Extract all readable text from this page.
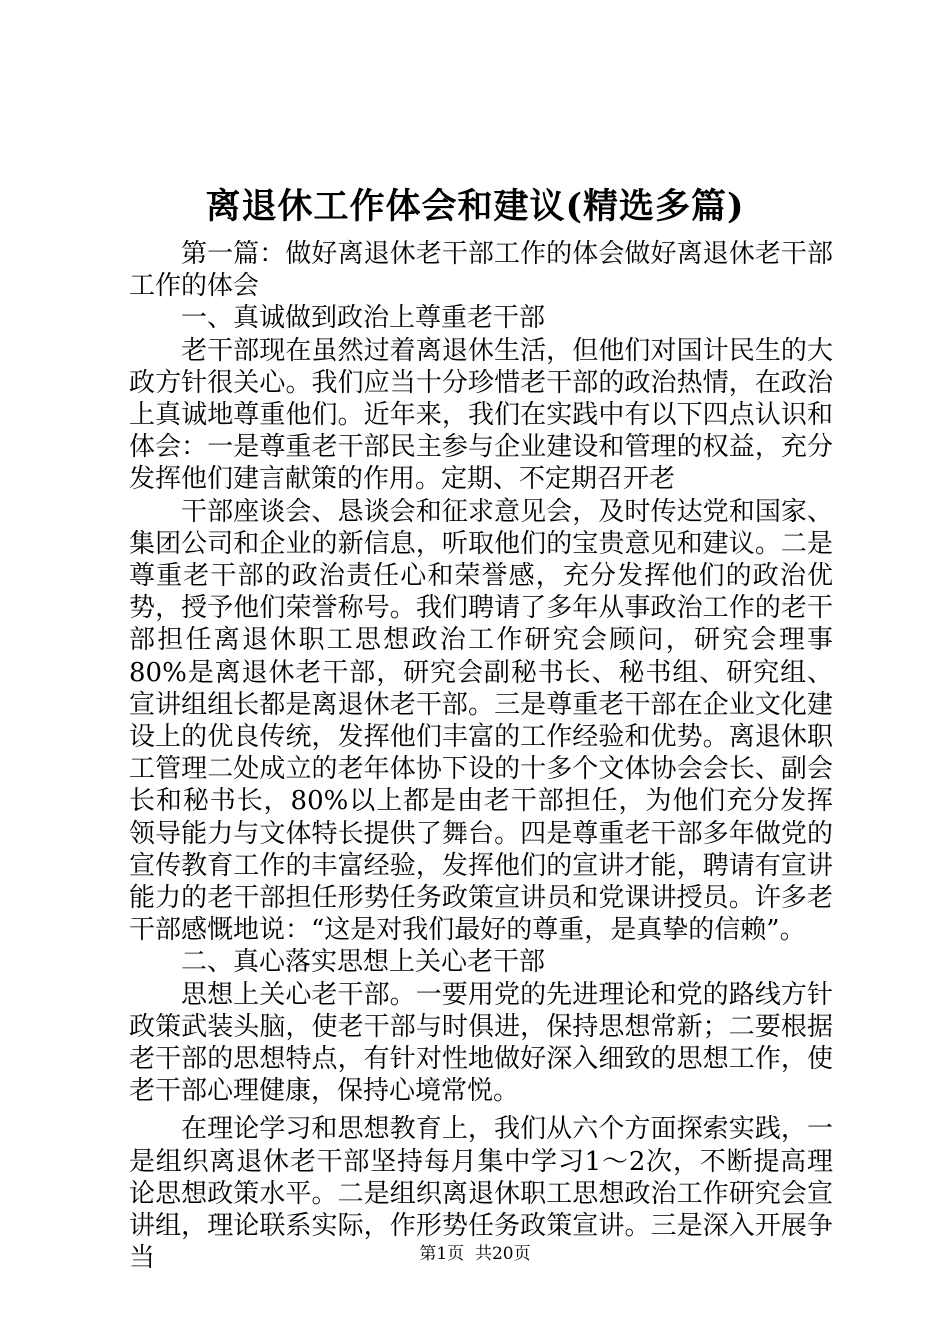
离退休工作体会和建议(精选多篇)

第一篇：做好离退休老干部工作的体会做好离退休老干部工作的体会

一、真诚做到政治上尊重老干部

老干部现在虽然过着离退休生活，但他们对国计民生的大政方针很关心。我们应当十分珍惜老干部的政治热情，在政治上真诚地尊重他们。近年来，我们在实践中有以下四点认识和体会：一是尊重老干部民主参与企业建设和管理的权益，充分发挥他们建言献策的作用。定期、不定期召开老

干部座谈会、恳谈会和征求意见会，及时传达党和国家、集团公司和企业的新信息，听取他们的宝贵意见和建议。二是尊重老干部的政治责任心和荣誉感，充分发挥他们的政治优势，授予他们荣誉称号。我们聘请了多年从事政治工作的老干部担任离退休职工思想政治工作研究会顾问，研究会理事80%是离退休老干部，研究会副秘书长、秘书组、研究组、宣讲组组长都是离退休老干部。三是尊重老干部在企业文化建设上的优良传统，发挥他们丰富的工作经验和优势。离退休职工管理二处成立的老年体协下设的十多个文体协会会长、副会长和秘书长，80%以上都是由老干部担任，为他们充分发挥领导能力与文体特长提供了舞台。四是尊重老干部多年做党的宣传教育工作的丰富经验，发挥他们的宣讲才能，聘请有宣讲能力的老干部担任形势任务政策宣讲员和党课讲授员。许多老干部感慨地说：“这是对我们最好的尊重，是真挚的信赖”。

二、真心落实思想上关心老干部

思想上关心老干部。一要用党的先进理论和党的路线方针政策武装头脑，使老干部与时俱进，保持思想常新；二要根据老干部的思想特点，有针对性地做好深入细致的思想工作，使老干部心理健康，保持心境常悦。

在理论学习和思想教育上，我们从六个方面探索实践，一是组织离退休老干部坚持每月集中学习1～2次，不断提高理论思想政策水平。二是组织离退休职工思想政治工作研究会宣讲组，理论联系实际，作形势任务政策宣讲。三是深入开展争当	第1页  共20页
